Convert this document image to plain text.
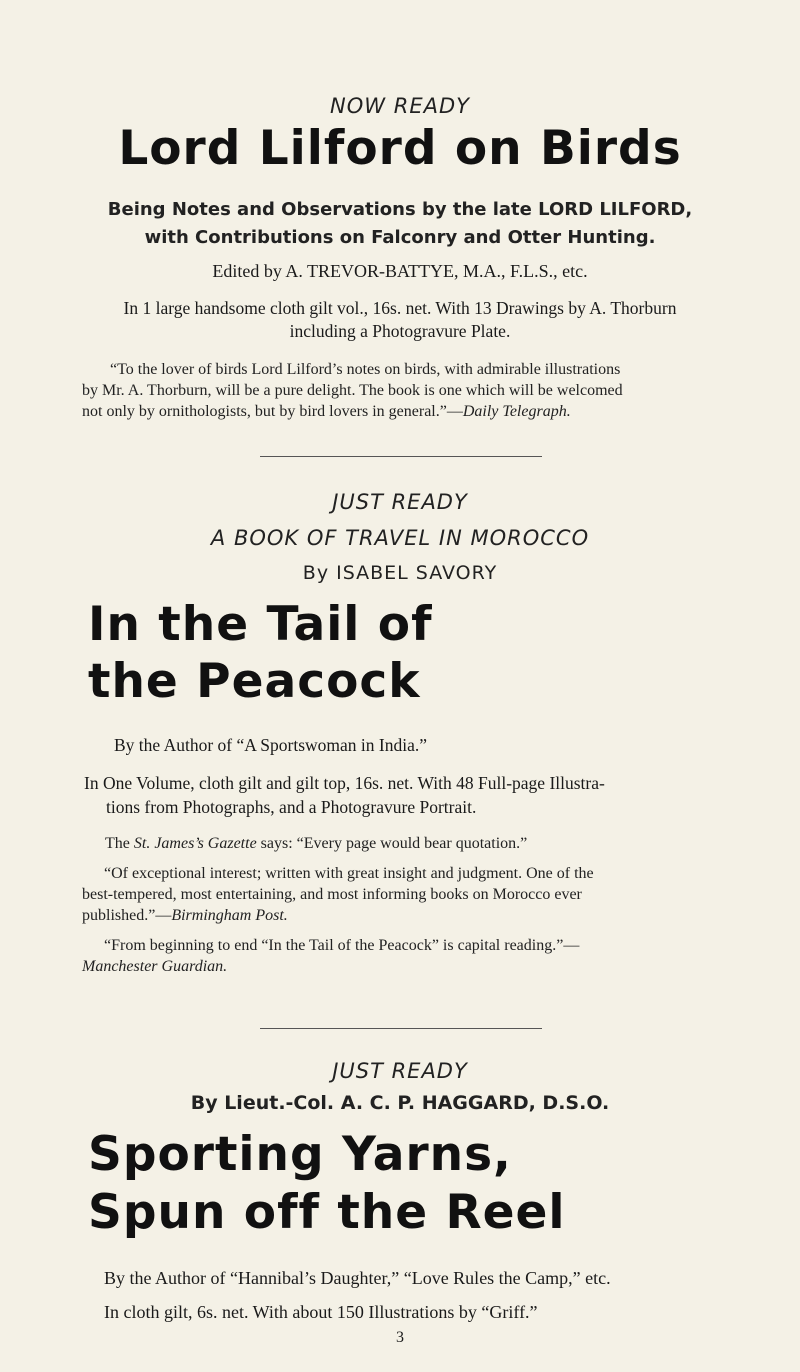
NOW READY
Lord Lilford on Birds
Being Notes and Observations by the late LORD LILFORD,
with Contributions on Falconry and Otter Hunting.
Edited by A. TREVOR-BATTYE, M.A., F.L.S., etc.
In 1 large handsome cloth gilt vol., 16s. net. With 13 Drawings by A. Thorburn
including a Photogravure Plate.
“To the lover of birds Lord Lilford’s notes on birds, with admirable illustrations
by Mr. A. Thorburn, will be a pure delight. The book is one which will be welcomed
not only by ornithologists, but by bird lovers in general.”—Daily Telegraph.
JUST READY
A BOOK OF TRAVEL IN MOROCCO
By ISABEL SAVORY
In the Tail of
the Peacock
By the Author of “A Sportswoman in India.”
In One Volume, cloth gilt and gilt top, 16s. net. With 48 Full-page Illustra-
tions from Photographs, and a Photogravure Portrait.
The St. James’s Gazette says: “Every page would bear quotation.”
“Of exceptional interest; written with great insight and judgment. One of the
best-tempered, most entertaining, and most informing books on Morocco ever
published.”—Birmingham Post.
“From beginning to end “In the Tail of the Peacock” is capital reading.”—
Manchester Guardian.
JUST READY
By Lieut.-Col. A. C. P. HAGGARD, D.S.O.
Sporting Yarns,
Spun off the Reel
By the Author of “Hannibal’s Daughter,” “Love Rules the Camp,” etc.
In cloth gilt, 6s. net. With about 150 Illustrations by “Griff.”
3
